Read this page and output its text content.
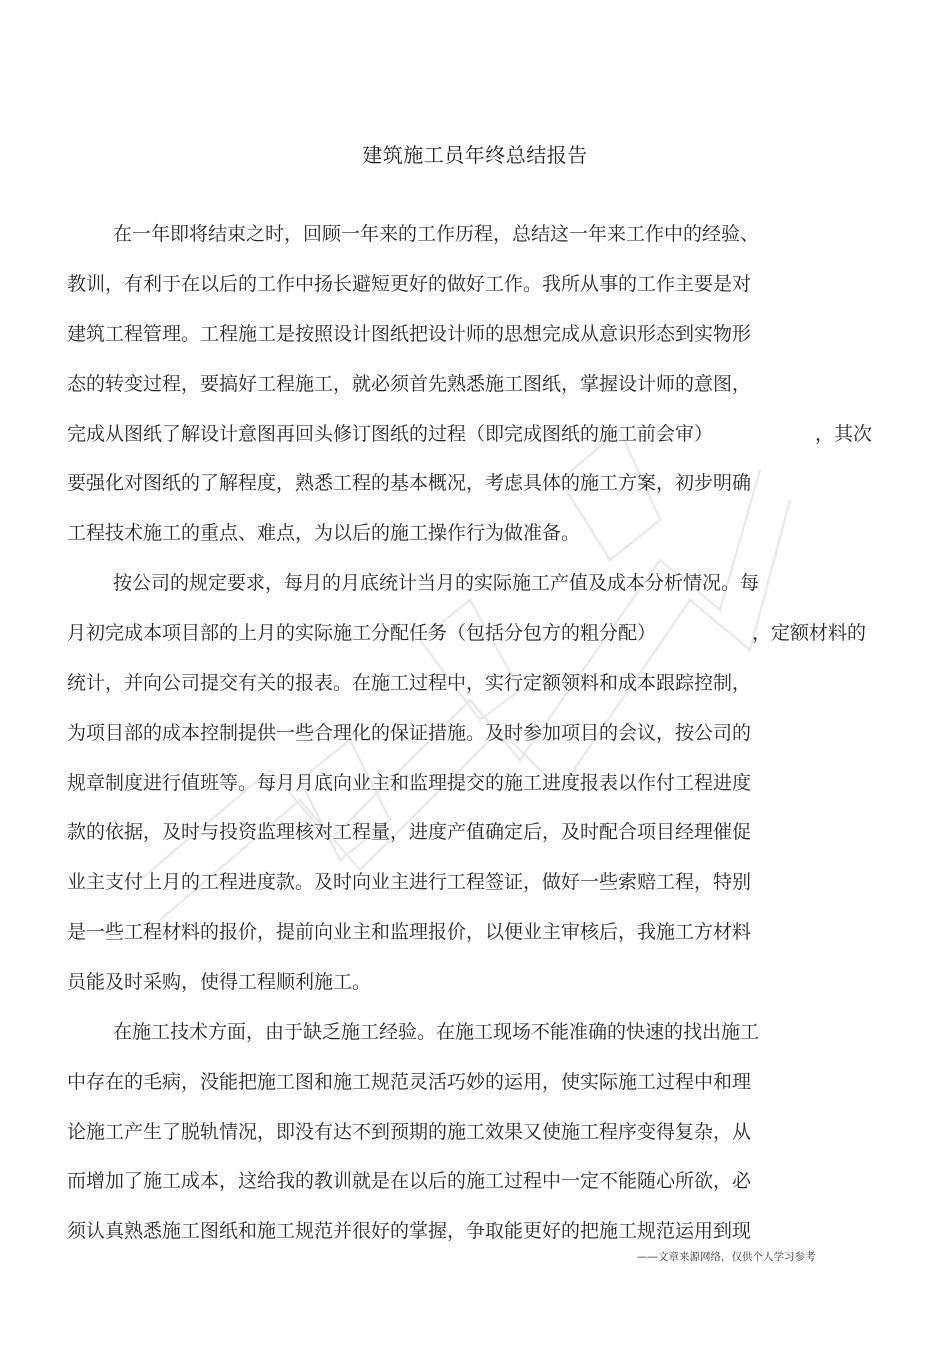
建筑施工员年终总结报告
在一年即将结束之时，回顾一年来的工作历程，总结这一年来工作中的经验、
教训，有利于在以后的工作中扬长避短更好的做好工作。我所从事的工作主要是对
建筑工程管理。工程施工是按照设计图纸把设计师的思想完成从意识形态到实物形
态的转变过程，要搞好工程施工，就必须首先熟悉施工图纸，掌握设计师的意图，
完成从图纸了解设计意图再回头修订图纸的过程（即完成图纸的施工前会审）	，其次
要强化对图纸的了解程度，熟悉工程的基本概况，考虑具体的施工方案，初步明确
工程技术施工的重点、难点，为以后的施工操作行为做准备。
按公司的规定要求，每月的月底统计当月的实际施工产值及成本分析情况。每
月初完成本项目部的上月的实际施工分配任务（包括分包方的粗分配）	，定额材料的
统计，并向公司提交有关的报表。在施工过程中，实行定额领料和成本跟踪控制，
为项目部的成本控制提供一些合理化的保证措施。及时参加项目的会议，按公司的
规章制度进行值班等。每月月底向业主和监理提交的施工进度报表以作付工程进度
款的依据，及时与投资监理核对工程量，进度产值确定后，及时配合项目经理催促
业主支付上月的工程进度款。及时向业主进行工程签证，做好一些索赔工程，特别
是一些工程材料的报价，提前向业主和监理报价，以便业主审核后，我施工方材料
员能及时采购，使得工程顺利施工。
在施工技术方面，由于缺乏施工经验。在施工现场不能准确的快速的找出施工
中存在的毛病，没能把施工图和施工规范灵活巧妙的运用，使实际施工过程中和理
论施工产生了脱轨情况，即没有达不到预期的施工效果又使施工程序变得复杂，从
而增加了施工成本，这给我的教训就是在以后的施工过程中一定不能随心所欲，必
须认真熟悉施工图纸和施工规范并很好的掌握，争取能更好的把施工规范运用到现
——文章来源网络，仅供个人学习参考
